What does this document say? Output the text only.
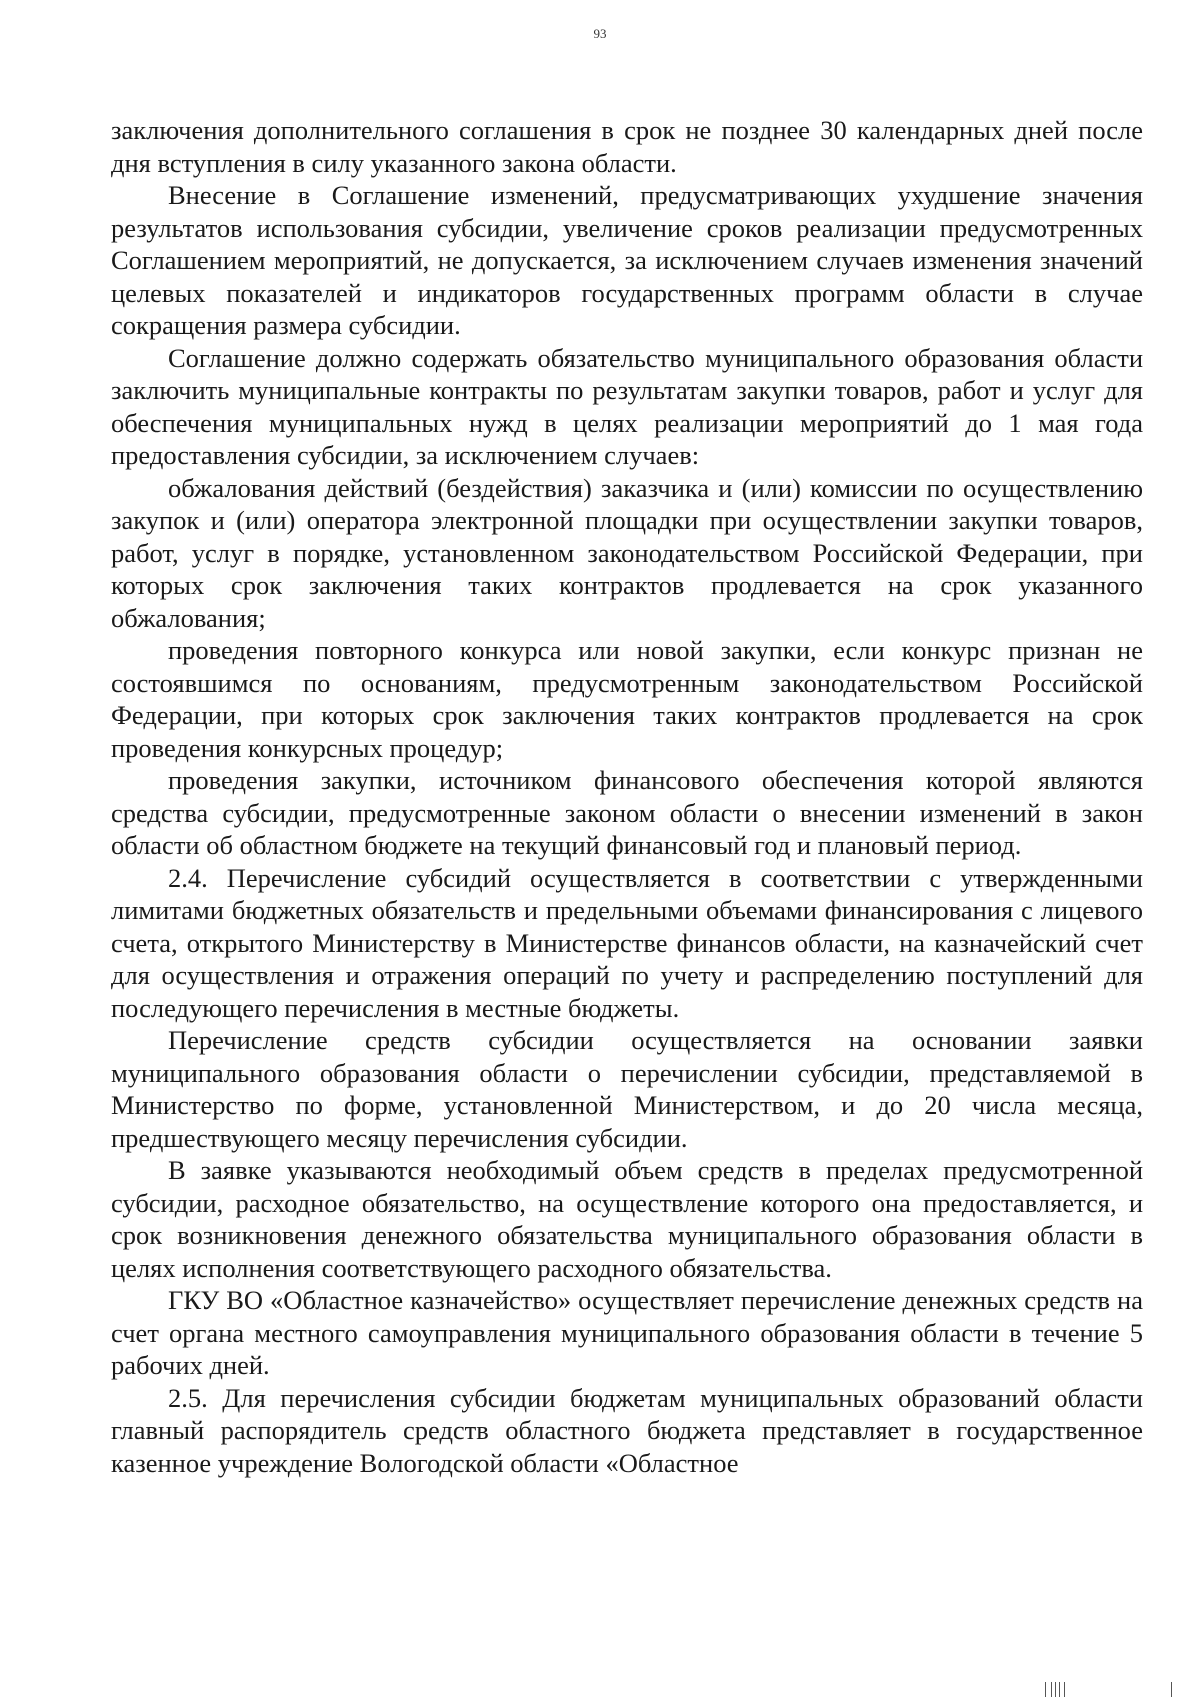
93

заключения дополнительного соглашения в срок не позднее 30 календарных дней после дня вступления в силу указанного закона области.

Внесение в Соглашение изменений, предусматривающих ухудшение значения результатов использования субсидии, увеличение сроков реализации предусмотренных Соглашением мероприятий, не допускается, за исключением случаев изменения значений целевых показателей и индикаторов государственных программ области в случае сокращения размера субсидии.

Соглашение должно содержать обязательство муниципального образования области заключить муниципальные контракты по результатам закупки товаров, работ и услуг для обеспечения муниципальных нужд в целях реализации мероприятий до 1 мая года предоставления субсидии, за исключением случаев:

обжалования действий (бездействия) заказчика и (или) комиссии по осуществлению закупок и (или) оператора электронной площадки при осуществлении закупки товаров, работ, услуг в порядке, установленном законодательством Российской Федерации, при которых срок заключения таких контрактов продлевается на срок указанного обжалования;

проведения повторного конкурса или новой закупки, если конкурс признан не состоявшимся по основаниям, предусмотренным законодательством Российской Федерации, при которых срок заключения таких контрактов продлевается на срок проведения конкурсных процедур;

проведения закупки, источником финансового обеспечения которой являются средства субсидии, предусмотренные законом области о внесении изменений в закон области об областном бюджете на текущий финансовый год и плановый период.

2.4. Перечисление субсидий осуществляется в соответствии с утвержденными лимитами бюджетных обязательств и предельными объемами финансирования с лицевого счета, открытого Министерству в Министерстве финансов области, на казначейский счет для осуществления и отражения операций по учету и распределению поступлений для последующего перечисления в местные бюджеты.

Перечисление средств субсидии осуществляется на основании заявки муниципального образования области о перечислении субсидии, представляемой в Министерство по форме, установленной Министерством, и до 20 числа месяца, предшествующего месяцу перечисления субсидии.

В заявке указываются необходимый объем средств в пределах предусмотренной субсидии, расходное обязательство, на осуществление которого она предоставляется, и срок возникновения денежного обязательства муниципального образования области в целях исполнения соответствующего расходного обязательства.

ГКУ ВО «Областное казначейство» осуществляет перечисление денежных средств на счет органа местного самоуправления муниципального образования области в течение 5 рабочих дней.

2.5. Для перечисления субсидии бюджетам муниципальных образований области главный распорядитель средств областного бюджета представляет в государственное казенное учреждение Вологодской области «Областное
